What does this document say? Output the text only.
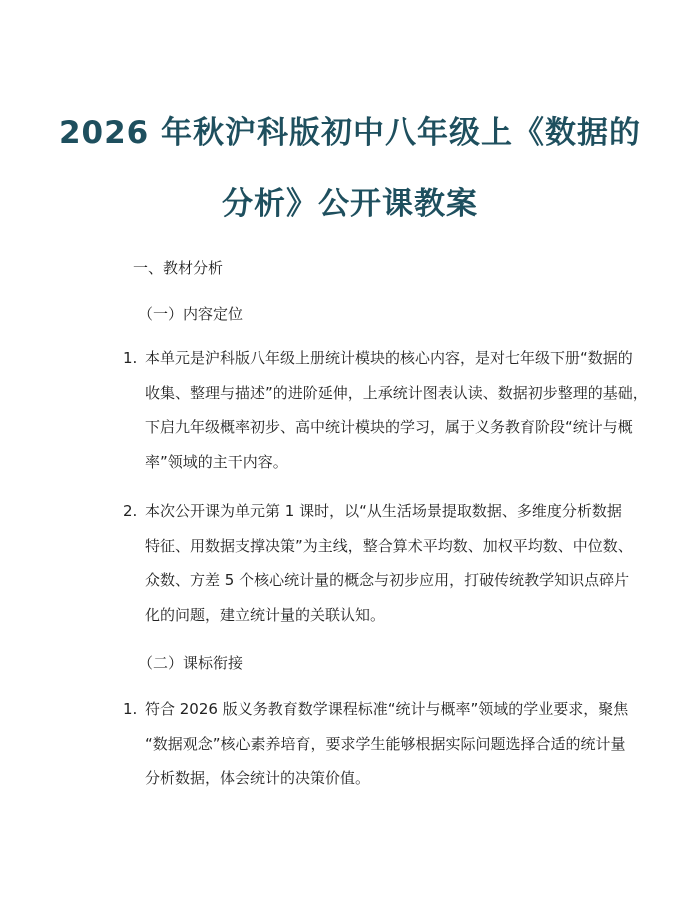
2026 年秋沪科版初中八年级上《数据的
分析》公开课教案
一、教材分析
（一）内容定位
1. 本单元是沪科版八年级上册统计模块的核心内容，是对七年级下册“数据的
收集、整理与描述”的进阶延伸，上承统计图表认读、数据初步整理的基础，
下启九年级概率初步、高中统计模块的学习，属于义务教育阶段“统计与概
率”领域的主干内容。
2. 本次公开课为单元第 1 课时，以“从生活场景提取数据、多维度分析数据
特征、用数据支撑决策”为主线，整合算术平均数、加权平均数、中位数、
众数、方差 5 个核心统计量的概念与初步应用，打破传统教学知识点碎片
化的问题，建立统计量的关联认知。
（二）课标衔接
1. 符合 2026 版义务教育数学课程标准“统计与概率”领域的学业要求，聚焦
“数据观念”核心素养培育，要求学生能够根据实际问题选择合适的统计量
分析数据，体会统计的决策价值。
